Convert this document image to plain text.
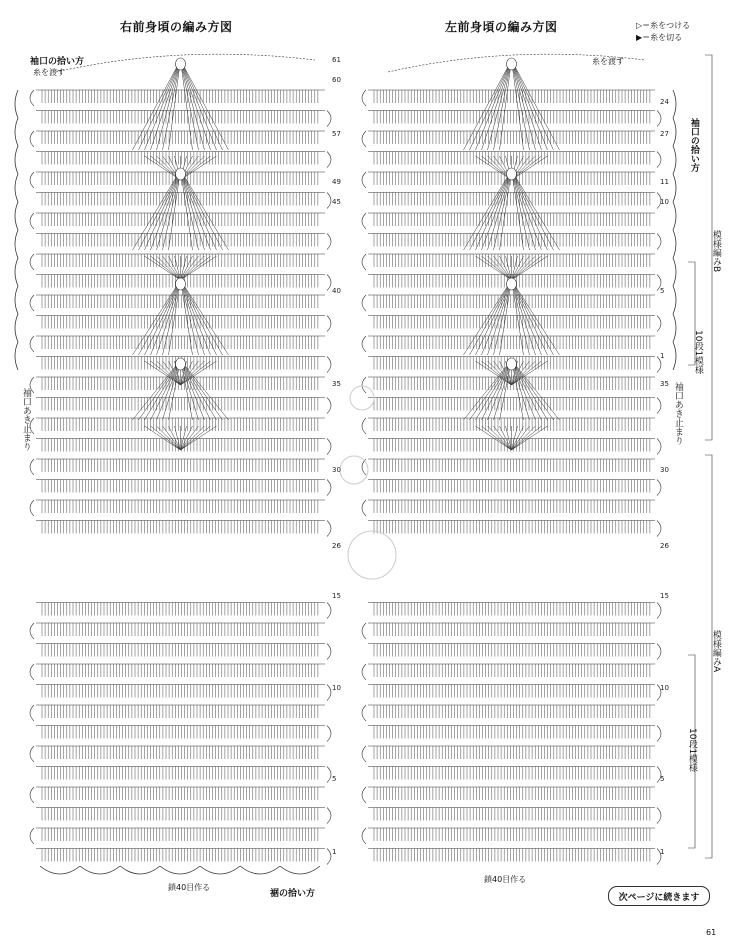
右前身頃の編み方図	左前身頃の編み方図	▷＝糸をつける
▶＝糸を切る
袖口の拾い方
糸を渡す
袖口あき止まり
鎖40目作る
裾の拾い方
61
60
57
49
45
40
35
30
26
15
10
5
1
糸を渡す
袖口の拾い方
袖口あき止まり
模様編みB
模様編みA
10段1模様
10段1模様
鎖40目作る
24
27
11
10
5
1
35
30
26
15
10
5
1
次ページに続きます
61
